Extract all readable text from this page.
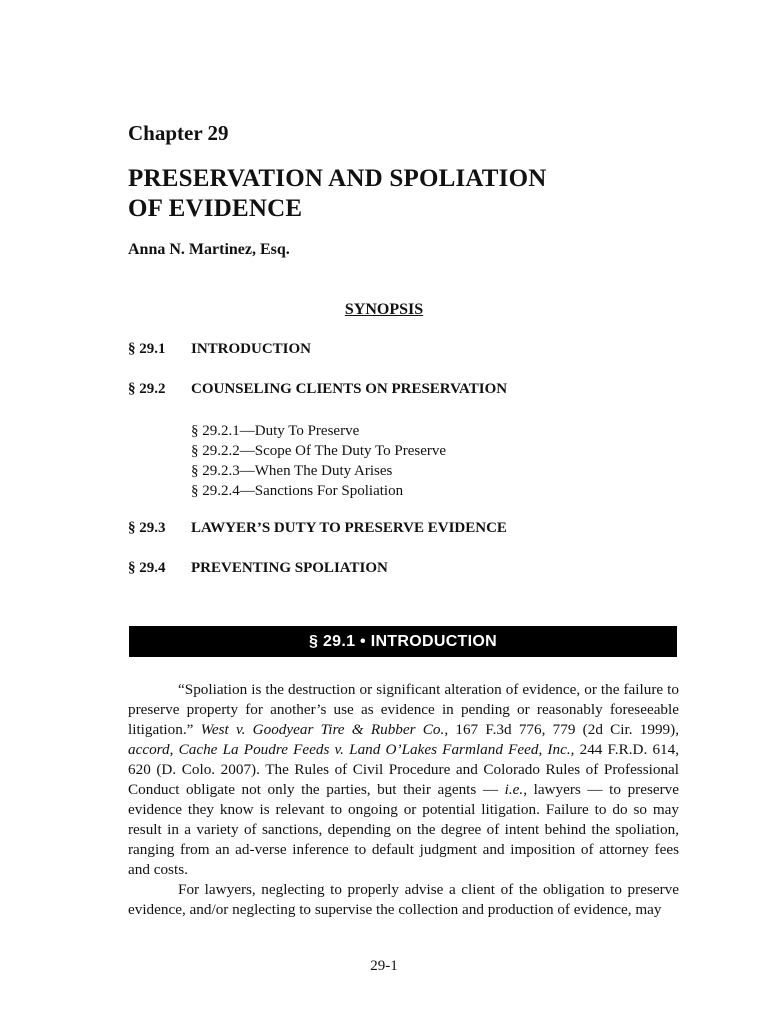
Chapter 29
PRESERVATION AND SPOLIATION
OF EVIDENCE
Anna N. Martinez, Esq.
SYNOPSIS
§ 29.1 INTRODUCTION
§ 29.2 COUNSELING CLIENTS ON PRESERVATION
§ 29.2.1—Duty To Preserve
§ 29.2.2—Scope Of The Duty To Preserve
§ 29.2.3—When The Duty Arises
§ 29.2.4—Sanctions For Spoliation
§ 29.3 LAWYER’S DUTY TO PRESERVE EVIDENCE
§ 29.4 PREVENTING SPOLIATION
§ 29.1 • INTRODUCTION

“Spoliation is the destruction or significant alteration of evidence, or the failure to preserve property for another’s use as evidence in pending or reasonably foreseeable litigation.” West v. Goodyear Tire & Rubber Co., 167 F.3d 776, 779 (2d Cir. 1999), accord, Cache La Poudre Feeds v. Land O’Lakes Farmland Feed, Inc., 244 F.R.D. 614, 620 (D. Colo. 2007). The Rules of Civil Procedure and Colorado Rules of Professional Conduct obligate not only the parties, but their agents — i.e., lawyers — to preserve evidence they know is relevant to ongoing or potential litigation. Failure to do so may result in a variety of sanctions, depending on the degree of intent behind the spoliation, ranging from an ad-verse inference to default judgment and imposition of attorney fees and costs.

For lawyers, neglecting to properly advise a client of the obligation to preserve evidence, and/or neglecting to supervise the collection and production of evidence, may

29-1
